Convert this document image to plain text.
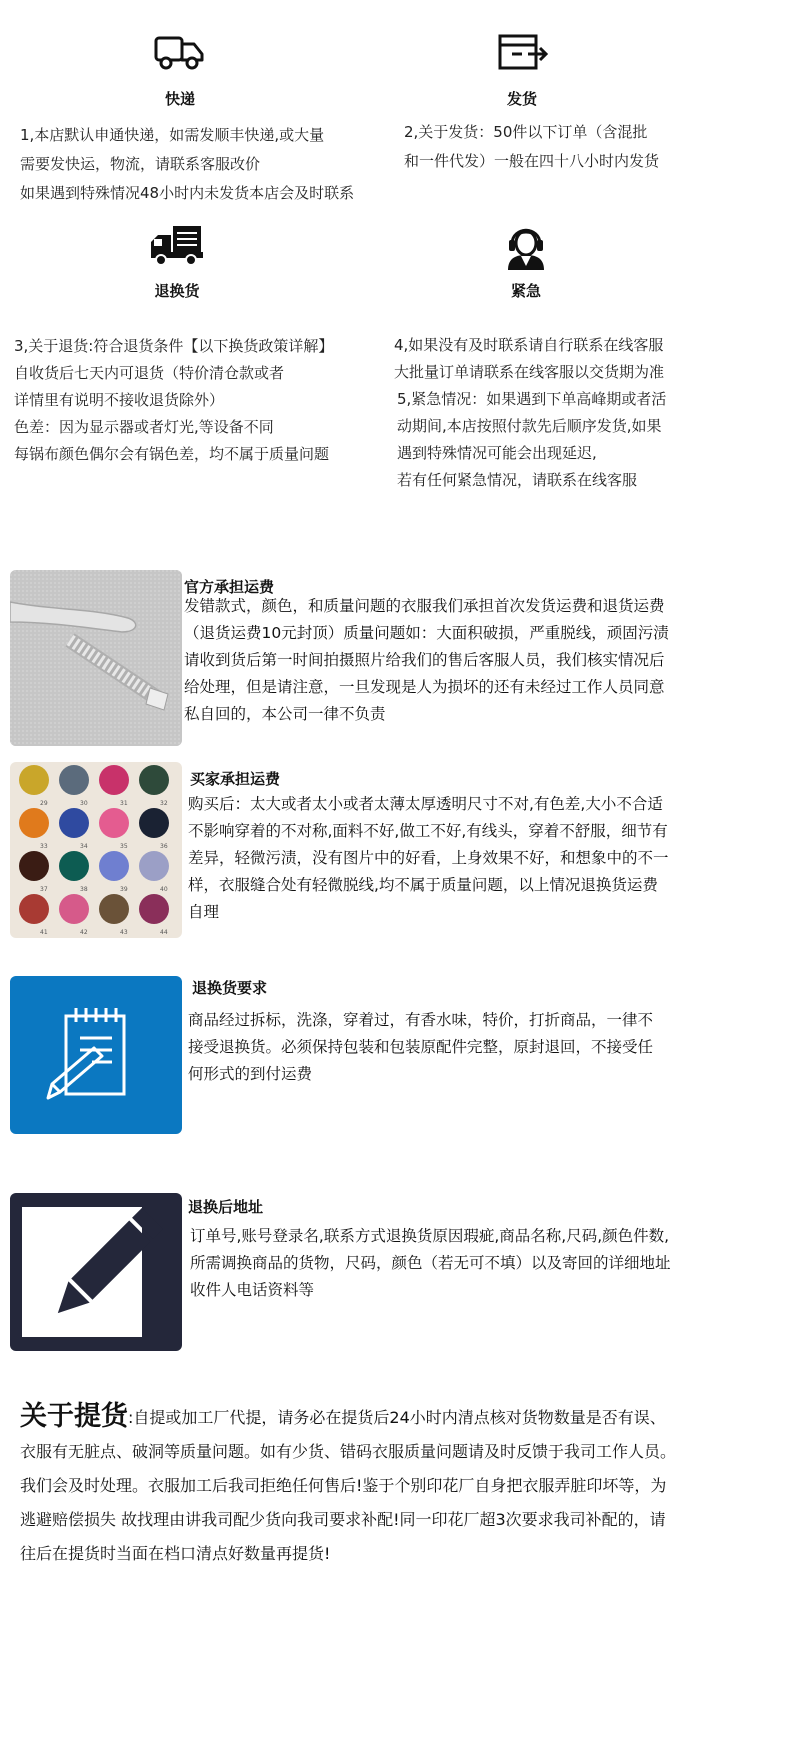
快递	发货
1,本店默认申通快递，如需发顺丰快递,或大量
需要发快运，物流，请联系客服改价
如果遇到特殊情况48小时内未发货本店会及时联系
2,关于发货：50件以下订单（含混批
和一件代发）一般在四十八小时内发货
退换货	紧急
3,关于退货:符合退货条件【以下换货政策详解】
自收货后七天内可退货（特价清仓款或者
详情里有说明不接收退货除外）
色差：因为显示器或者灯光,等设备不同
每锅布颜色偶尔会有锅色差，均不属于质量问题
4,如果没有及时联系请自行联系在线客服
大批量订单请联系在线客服以交货期为准
5,紧急情况：如果遇到下单高峰期或者活
动期间,本店按照付款先后顺序发货,如果
遇到特殊情况可能会出现延迟,
若有任何紧急情况，请联系在线客服
官方承担运费
发错款式，颜色，和质量问题的衣服我们承担首次发货运费和退货运费
（退货运费10元封顶）质量问题如：大面积破损，严重脱线，顽固污渍
请收到货后第一时间拍摄照片给我们的售后客服人员，我们核实情况后
给处理，但是请注意，一旦发现是人为损坏的还有未经过工作人员同意
私自回的，本公司一律不负责
29	30	31	32
33	34	35	36
37	38	39	40
41	42	43	44
买家承担运费
购买后：太大或者太小或者太薄太厚透明尺寸不对,有色差,大小不合适
不影响穿着的不对称,面料不好,做工不好,有线头，穿着不舒服，细节有
差异，轻微污渍，没有图片中的好看，上身效果不好，和想象中的不一
样，衣服缝合处有轻微脱线,均不属于质量问题，以上情况退换货运费
自理
退换货要求
商品经过拆标，洗涤，穿着过，有香水味，特价，打折商品，一律不
接受退换货。必须保持包装和包装原配件完整，原封退回，不接受任
何形式的到付运费
退换后地址
订单号,账号登录名,联系方式退换货原因瑕疵,商品名称,尺码,颜色件数,
所需调换商品的货物，尺码，颜色（若无可不填）以及寄回的详细地址
收件人电话资料等
关于提货:自提或加工厂代提，请务必在提货后24小时内清点核对货物数量是否有误、
衣服有无脏点、破洞等质量问题。如有少货、错码衣服质量问题请及时反馈于我司工作人员。
我们会及时处理。衣服加工后我司拒绝任何售后!鉴于个别印花厂自身把衣服弄脏印坏等，为
逃避赔偿损失 故找理由讲我司配少货向我司要求补配!同一印花厂超3次要求我司补配的，请
往后在提货时当面在档口清点好数量再提货!
